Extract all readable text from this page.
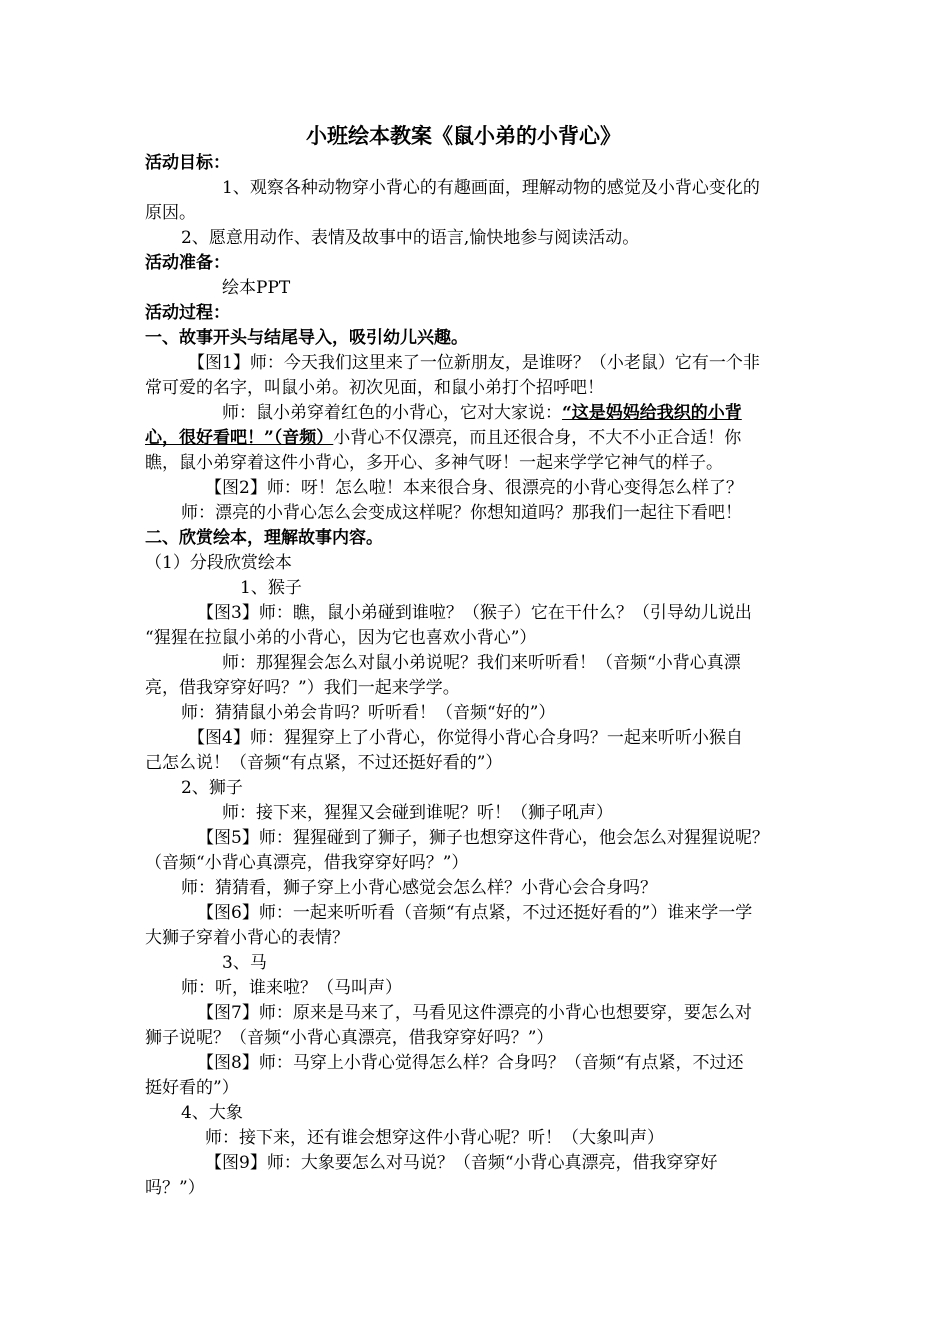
小班绘本教案《鼠小弟的小背心》
活动目标：
1、观察各种动物穿小背心的有趣画面，理解动物的感觉及小背心变化的
原因。
2、愿意用动作、表情及故事中的语言,愉快地参与阅读活动。
活动准备：
绘本PPT
活动过程：
一、故事开头与结尾导入，吸引幼儿兴趣。
【图1】师：今天我们这里来了一位新朋友，是谁呀？（小老鼠）它有一个非
常可爱的名字，叫鼠小弟。初次见面，和鼠小弟打个招呼吧！
师：鼠小弟穿着红色的小背心，它对大家说：“这是妈妈给我织的小背
心，很好看吧！”（音频）小背心不仅漂亮，而且还很合身，不大不小正合适！你
瞧，鼠小弟穿着这件小背心，多开心、多神气呀！一起来学学它神气的样子。
【图2】师：呀！怎么啦！本来很合身、很漂亮的小背心变得怎么样了？
师：漂亮的小背心怎么会变成这样呢？你想知道吗？那我们一起往下看吧！
二、欣赏绘本，理解故事内容。
（1）分段欣赏绘本
1、猴子
【图3】师：瞧，鼠小弟碰到谁啦？（猴子）它在干什么？（引导幼儿说出
“猩猩在拉鼠小弟的小背心，因为它也喜欢小背心”）
师：那猩猩会怎么对鼠小弟说呢？我们来听听看！（音频“小背心真漂
亮，借我穿穿好吗？”）我们一起来学学。
师：猜猜鼠小弟会肯吗？听听看！（音频“好的”）
【图4】师：猩猩穿上了小背心，你觉得小背心合身吗？一起来听听小猴自
己怎么说！（音频“有点紧，不过还挺好看的”）
2、狮子
师：接下来，猩猩又会碰到谁呢？听！（狮子吼声）
【图5】师：猩猩碰到了狮子，狮子也想穿这件背心，他会怎么对猩猩说呢？
（音频“小背心真漂亮，借我穿穿好吗？”）
师：猜猜看，狮子穿上小背心感觉会怎么样？小背心会合身吗？
【图6】师：一起来听听看（音频“有点紧，不过还挺好看的”）谁来学一学
大狮子穿着小背心的表情？
3、马
师：听，谁来啦？（马叫声）
【图7】师：原来是马来了，马看见这件漂亮的小背心也想要穿，要怎么对
狮子说呢？（音频“小背心真漂亮，借我穿穿好吗？”）
【图8】师：马穿上小背心觉得怎么样？合身吗？（音频“有点紧，不过还
挺好看的”）
4、大象
师：接下来，还有谁会想穿这件小背心呢？听！（大象叫声）
【图9】师：大象要怎么对马说？（音频“小背心真漂亮，借我穿穿好
吗？”）
